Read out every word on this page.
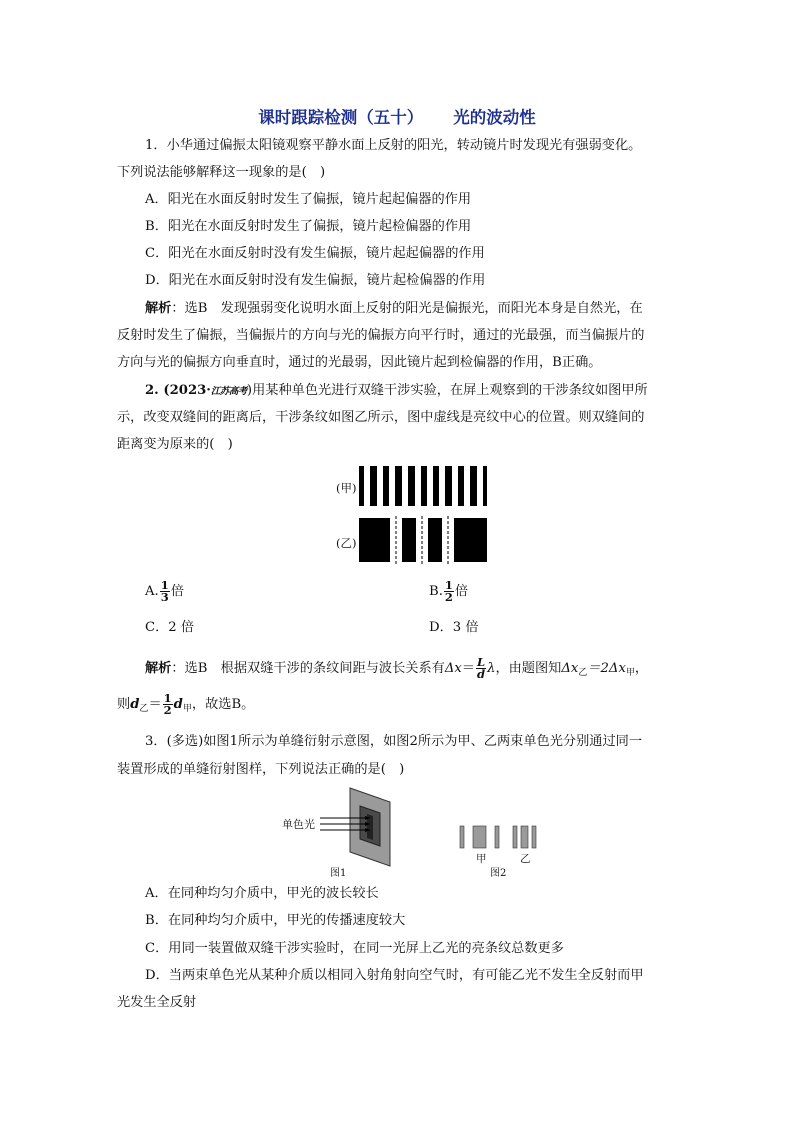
课时跟踪检测（五十） 光的波动性
1．小华通过偏振太阳镜观察平静水面上反射的阳光，转动镜片时发现光有强弱变化。
下列说法能够解释这一现象的是(　)
A．阳光在水面反射时发生了偏振，镜片起起偏器的作用
B．阳光在水面反射时发生了偏振，镜片起检偏器的作用
C．阳光在水面反射时没有发生偏振，镜片起起偏器的作用
D．阳光在水面反射时没有发生偏振，镜片起检偏器的作用
解析：选B　发现强弱变化说明水面上反射的阳光是偏振光，而阳光本身是自然光，在
反射时发生了偏振，当偏振片的方向与光的偏振方向平行时，通过的光最强，而当偏振片的
方向与光的偏振方向垂直时，通过的光最弱，因此镜片起到检偏器的作用，B正确。
2. (2023·江苏高考)用某种单色光进行双缝干涉实验，在屏上观察到的干涉条纹如图甲所
示，改变双缝间的距离后，干涉条纹如图乙所示，图中虚线是亮纹中心的位置。则双缝间的
距离变为原来的(　)
(甲)
(乙)
A. $\frac{1}{3}$ 倍	B. $\frac{1}{2}$ 倍
C．2 倍	D．3 倍
解析：选B　根据双缝干涉的条纹间距与波长关系有$\Delta x= \frac{L}{d}$ λ，由题图知$\Delta x_乙=2\Delta x_甲$，
则$d_乙= \frac{1}{2} d_甲$，故选B。
3．(多选)如图1所示为单缝衍射示意图，如图2所示为甲、乙两束单色光分别通过同一
装置形成的单缝衍射图样，下列说法正确的是(　)
单色光
图1
甲	乙
图2
A．在同种均匀介质中，甲光的波长较长
B．在同种均匀介质中，甲光的传播速度较大
C．用同一装置做双缝干涉实验时，在同一光屏上乙光的亮条纹总数更多
D．当两束单色光从某种介质以相同入射角射向空气时，有可能乙光不发生全反射而甲
光发生全反射
